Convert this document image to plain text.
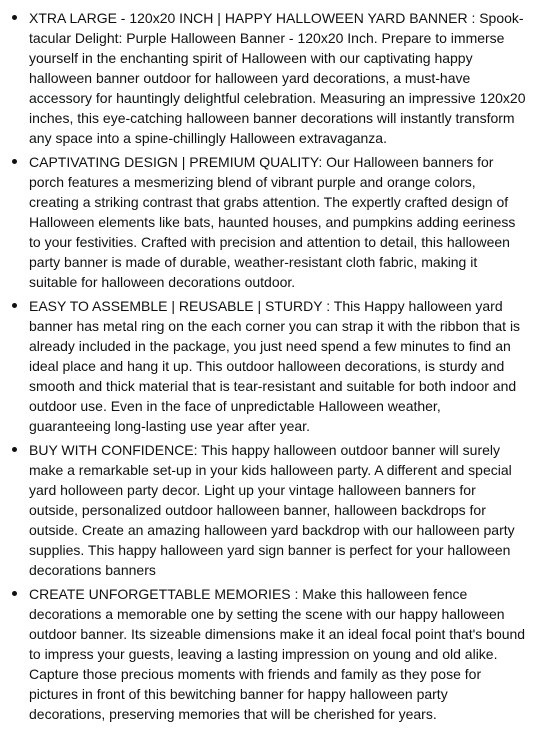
XTRA LARGE - 120x20 INCH | HAPPY HALLOWEEN YARD BANNER : Spook-tacular Delight: Purple Halloween Banner - 120x20 Inch. Prepare to immerse yourself in the enchanting spirit of Halloween with our captivating happy halloween banner outdoor for halloween yard decorations, a must-have accessory for hauntingly delightful celebration. Measuring an impressive 120x20 inches, this eye-catching halloween banner decorations will instantly transform any space into a spine-chillingly Halloween extravaganza.
CAPTIVATING DESIGN | PREMIUM QUALITY: Our Halloween banners for porch features a mesmerizing blend of vibrant purple and orange colors, creating a striking contrast that grabs attention. The expertly crafted design of Halloween elements like bats, haunted houses, and pumpkins adding eeriness to your festivities. Crafted with precision and attention to detail, this halloween party banner is made of durable, weather-resistant cloth fabric, making it suitable for halloween decorations outdoor.
EASY TO ASSEMBLE | REUSABLE | STURDY : This Happy halloween yard banner has metal ring on the each corner you can strap it with the ribbon that is already included in the package, you just need spend a few minutes to find an ideal place and hang it up. This outdoor halloween decorations, is sturdy and smooth and thick material that is tear-resistant and suitable for both indoor and outdoor use. Even in the face of unpredictable Halloween weather, guaranteeing long-lasting use year after year.
BUY WITH CONFIDENCE: This happy halloween outdoor banner will surely make a remarkable set-up in your kids halloween party. A different and special yard holloween party decor. Light up your vintage halloween banners for outside, personalized outdoor halloween banner, halloween backdrops for outside. Create an amazing halloween yard backdrop with our halloween party supplies. This happy halloween yard sign banner is perfect for your halloween decorations banners
CREATE UNFORGETTABLE MEMORIES : Make this halloween fence decorations a memorable one by setting the scene with our happy halloween outdoor banner. Its sizeable dimensions make it an ideal focal point that's bound to impress your guests, leaving a lasting impression on young and old alike. Capture those precious moments with friends and family as they pose for pictures in front of this bewitching banner for happy halloween party decorations, preserving memories that will be cherished for years.
